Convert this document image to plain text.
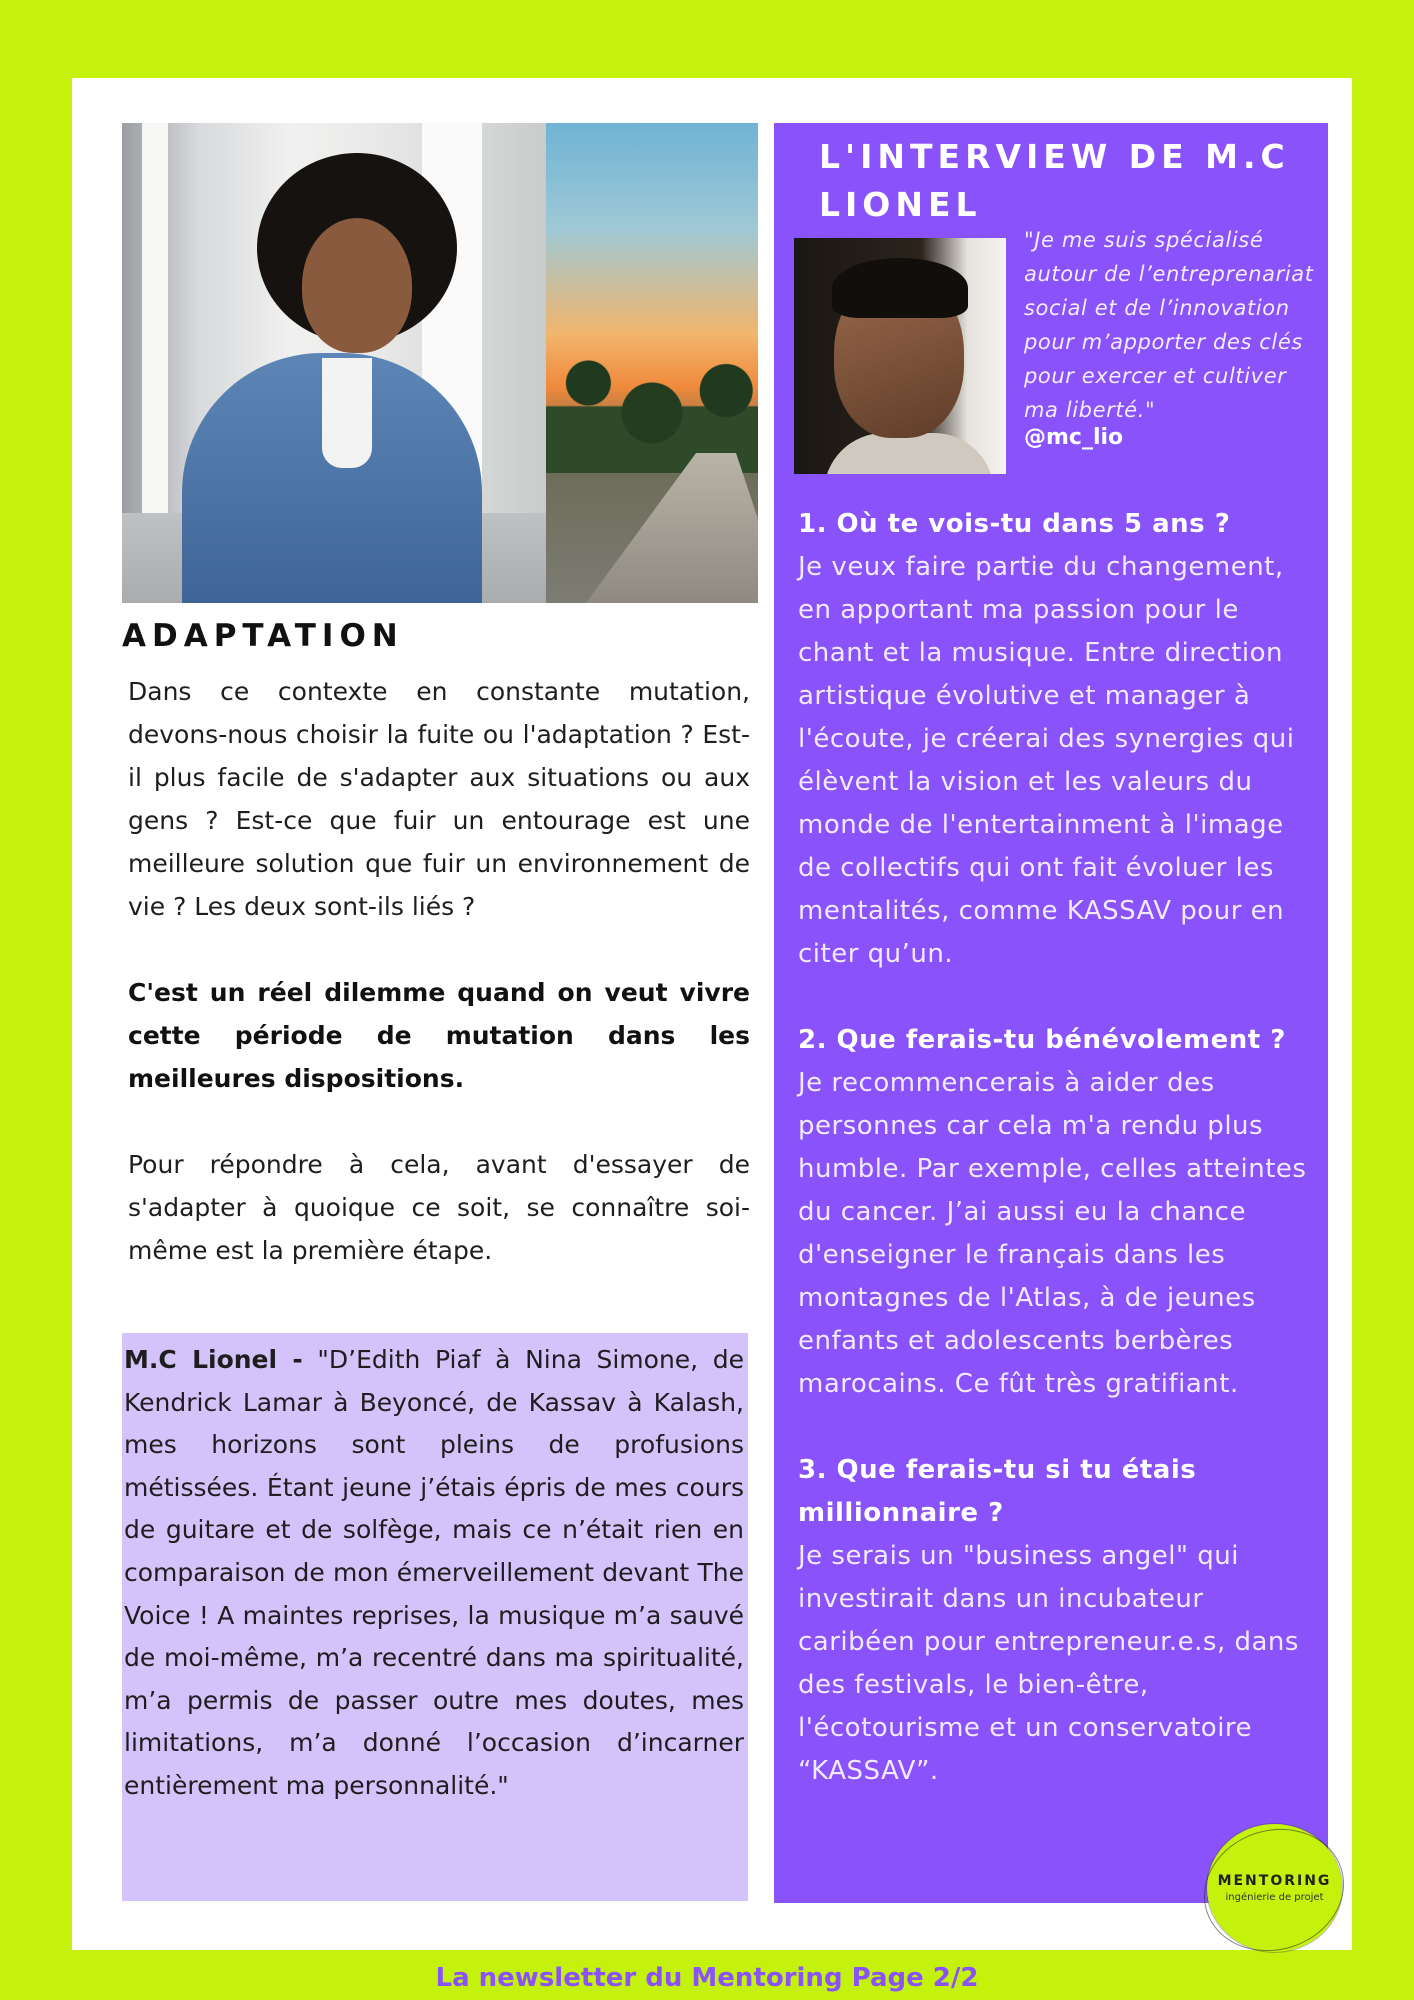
ADAPTATION

Dans ce contexte en constante mutation, devons-nous choisir la fuite ou l'adaptation ? Est-il plus facile de s'adapter aux situations ou aux gens ? Est-ce que fuir un entourage est une meilleure solution que fuir un environnement de vie ? Les deux sont-ils liés ?

C'est un réel dilemme quand on veut vivre cette période de mutation dans les meilleures dispositions.

Pour répondre à cela, avant d'essayer de s'adapter à quoique ce soit, se connaître soi-même est la première étape.

M.C Lionel - "D’Edith Piaf à Nina Simone, de Kendrick Lamar à Beyoncé, de Kassav à Kalash, mes horizons sont pleins de profusions métissées. Étant jeune j’étais épris de mes cours de guitare et de solfège, mais ce n’était rien en comparaison de mon émerveillement devant The Voice ! A maintes reprises, la musique m’a sauvé de moi-même, m’a recentré dans ma spiritualité, m’a permis de passer outre mes doutes, mes limitations, m’a donné l’occasion d’incarner entièrement ma personnalité."

L'INTERVIEW DE M.C LIONEL

"Je me suis spécialisé
autour de l’entreprenariat
social et de l’innovation
pour m’apporter des clés
pour exercer et cultiver
ma liberté."

@mc_lio

1. Où te vois-tu dans 5 ans ?

Je veux faire partie du changement, en apportant ma passion pour le chant et la musique. Entre direction artistique évolutive et manager à l'écoute, je créerai des synergies qui élèvent la vision et les valeurs du monde de l'entertainment à l'image de collectifs qui ont fait évoluer les mentalités, comme KASSAV pour en citer qu’un.

2. Que ferais-tu bénévolement ?

Je recommencerais à aider des personnes car cela m'a rendu plus humble. Par exemple, celles atteintes du cancer. J’ai aussi eu la chance d'enseigner le français dans les montagnes de l'Atlas, à de jeunes enfants et adolescents berbères marocains. Ce fût très gratifiant.

3. Que ferais-tu si tu étais millionnaire ?

Je serais un "business angel" qui investirait dans un incubateur caribéen pour entrepreneur.e.s, dans des festivals, le bien-être, l'écotourisme et un conservatoire “KASSAV”.

MENTORING
ingénierie de projet
La newsletter du Mentoring Page 2/2
